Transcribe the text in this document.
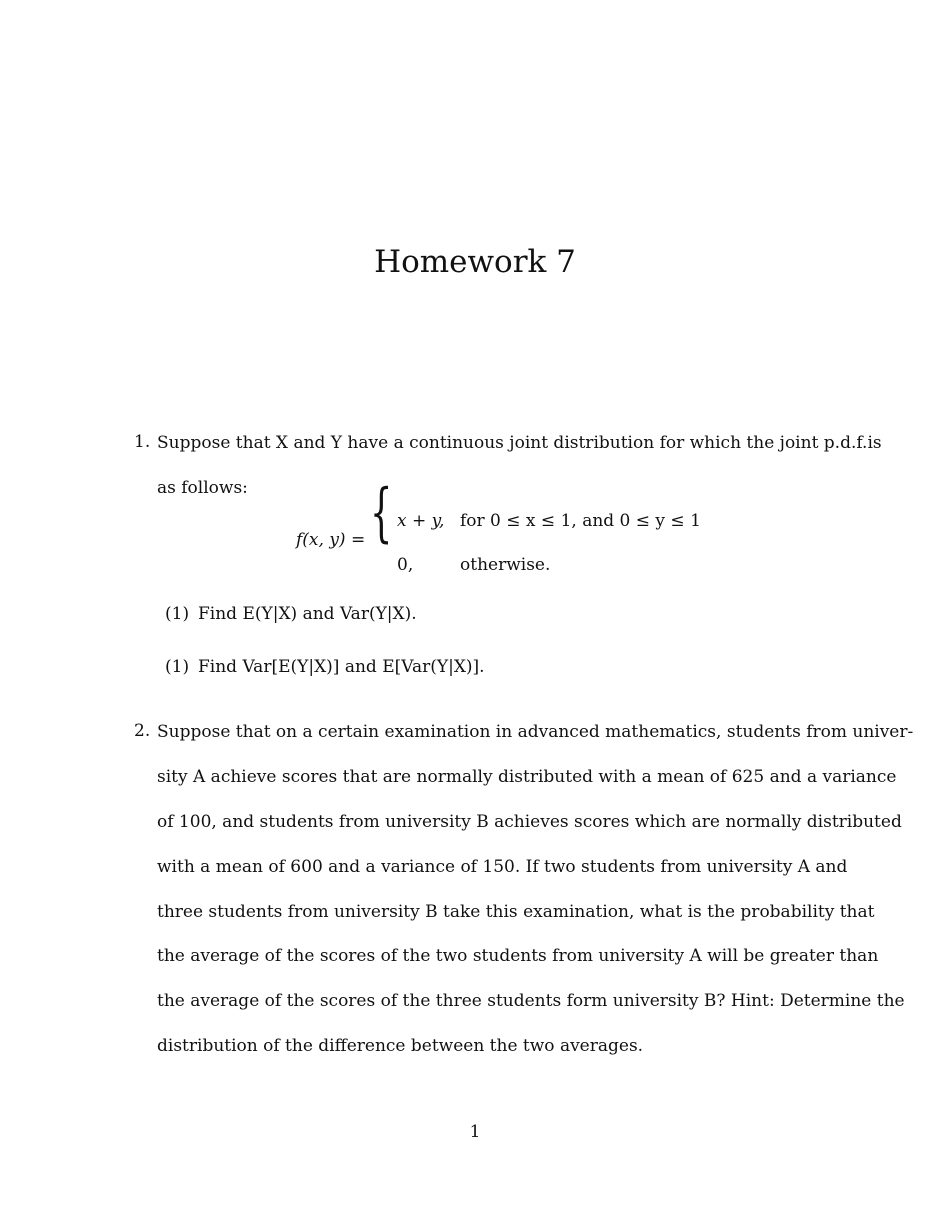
Homework 7
1. Suppose that X and Y have a continuous joint distribution for which the joint p.d.f.is
as follows:
f(x, y) = { x + y, for 0 ≤ x ≤ 1, and 0 ≤ y ≤ 1
0,	otherwise.
(1) Find E(Y|X) and Var(Y|X).
(1) Find Var[E(Y|X)] and E[Var(Y|X)].
2. Suppose that on a certain examination in advanced mathematics, students from univer-
sity A achieve scores that are normally distributed with a mean of 625 and a variance
of 100, and students from university B achieves scores which are normally distributed
with a mean of 600 and a variance of 150. If two students from university A and
three students from university B take this examination, what is the probability that
the average of the scores of the two students from university A will be greater than
the average of the scores of the three students form university B? Hint: Determine the
distribution of the difference between the two averages.
1
